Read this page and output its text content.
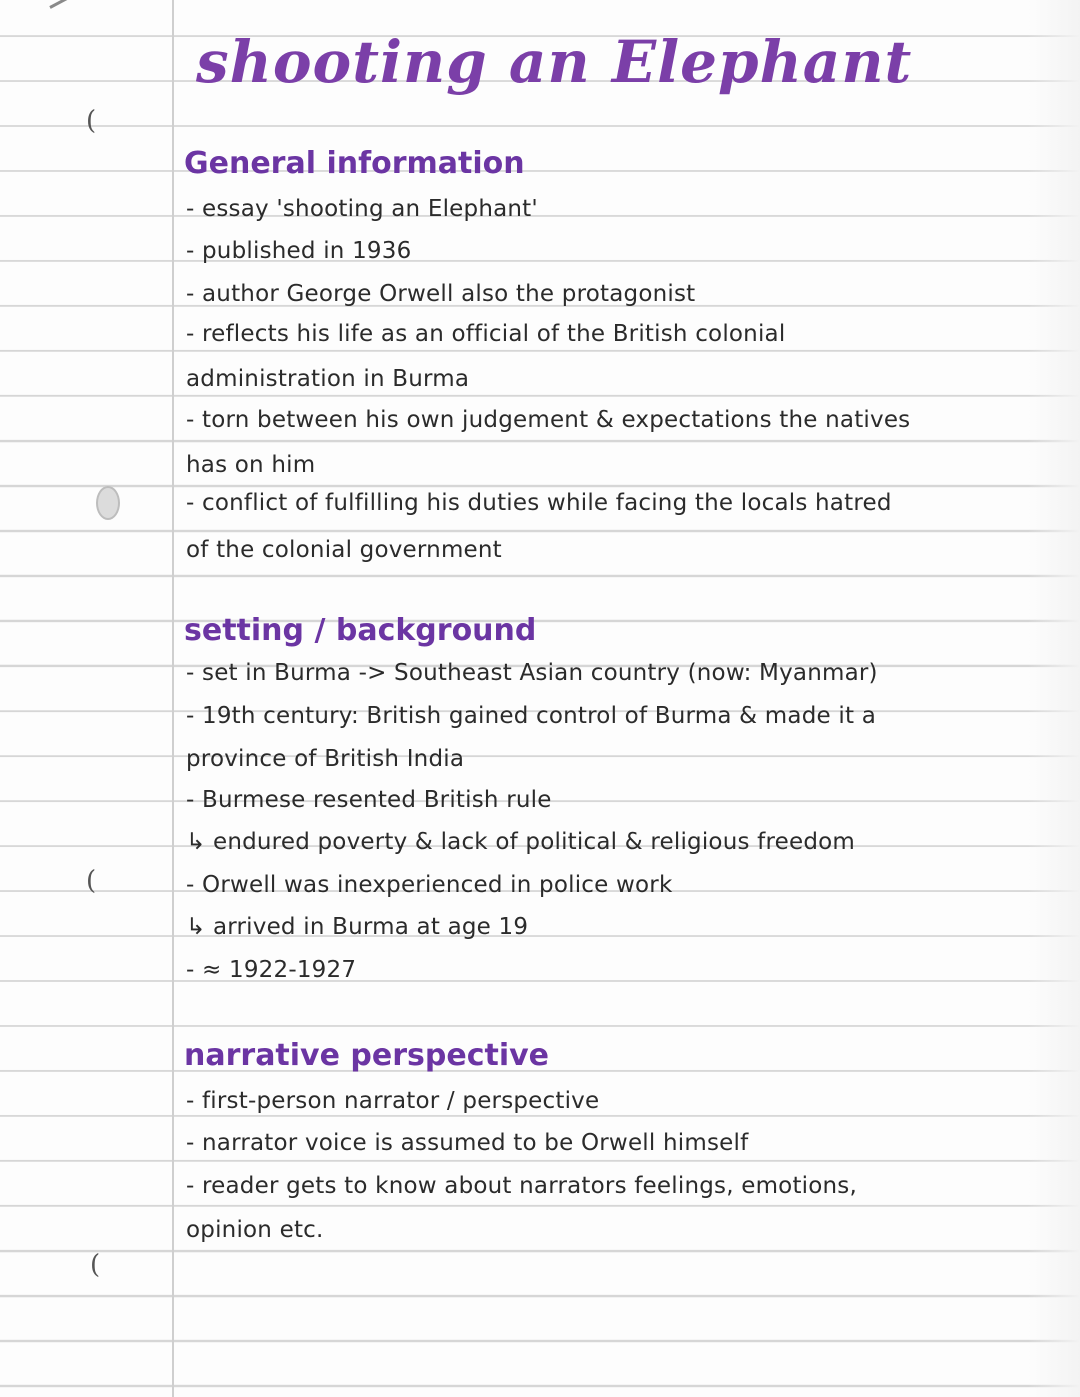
(
(
(
shooting an Elephant
General information
- essay 'shooting an Elephant'
- published in 1936
- author George Orwell also the protagonist
- reflects his life as an official of the British colonial
administration in Burma
- torn between his own judgement & expectations the natives
has on him
- conflict of fulfilling his duties while facing the locals hatred
of the colonial government
setting / background
- set in Burma -> Southeast Asian country (now: Myanmar)
- 19th century: British gained control of Burma & made it a
province of British India
- Burmese resented British rule
↳ endured poverty & lack of political & religious freedom
- Orwell was inexperienced in police work
↳ arrived in Burma at age 19
- ≈ 1922-1927
narrative perspective
- first-person narrator / perspective
- narrator voice is assumed to be Orwell himself
- reader gets to know about narrators feelings, emotions,
opinion etc.
